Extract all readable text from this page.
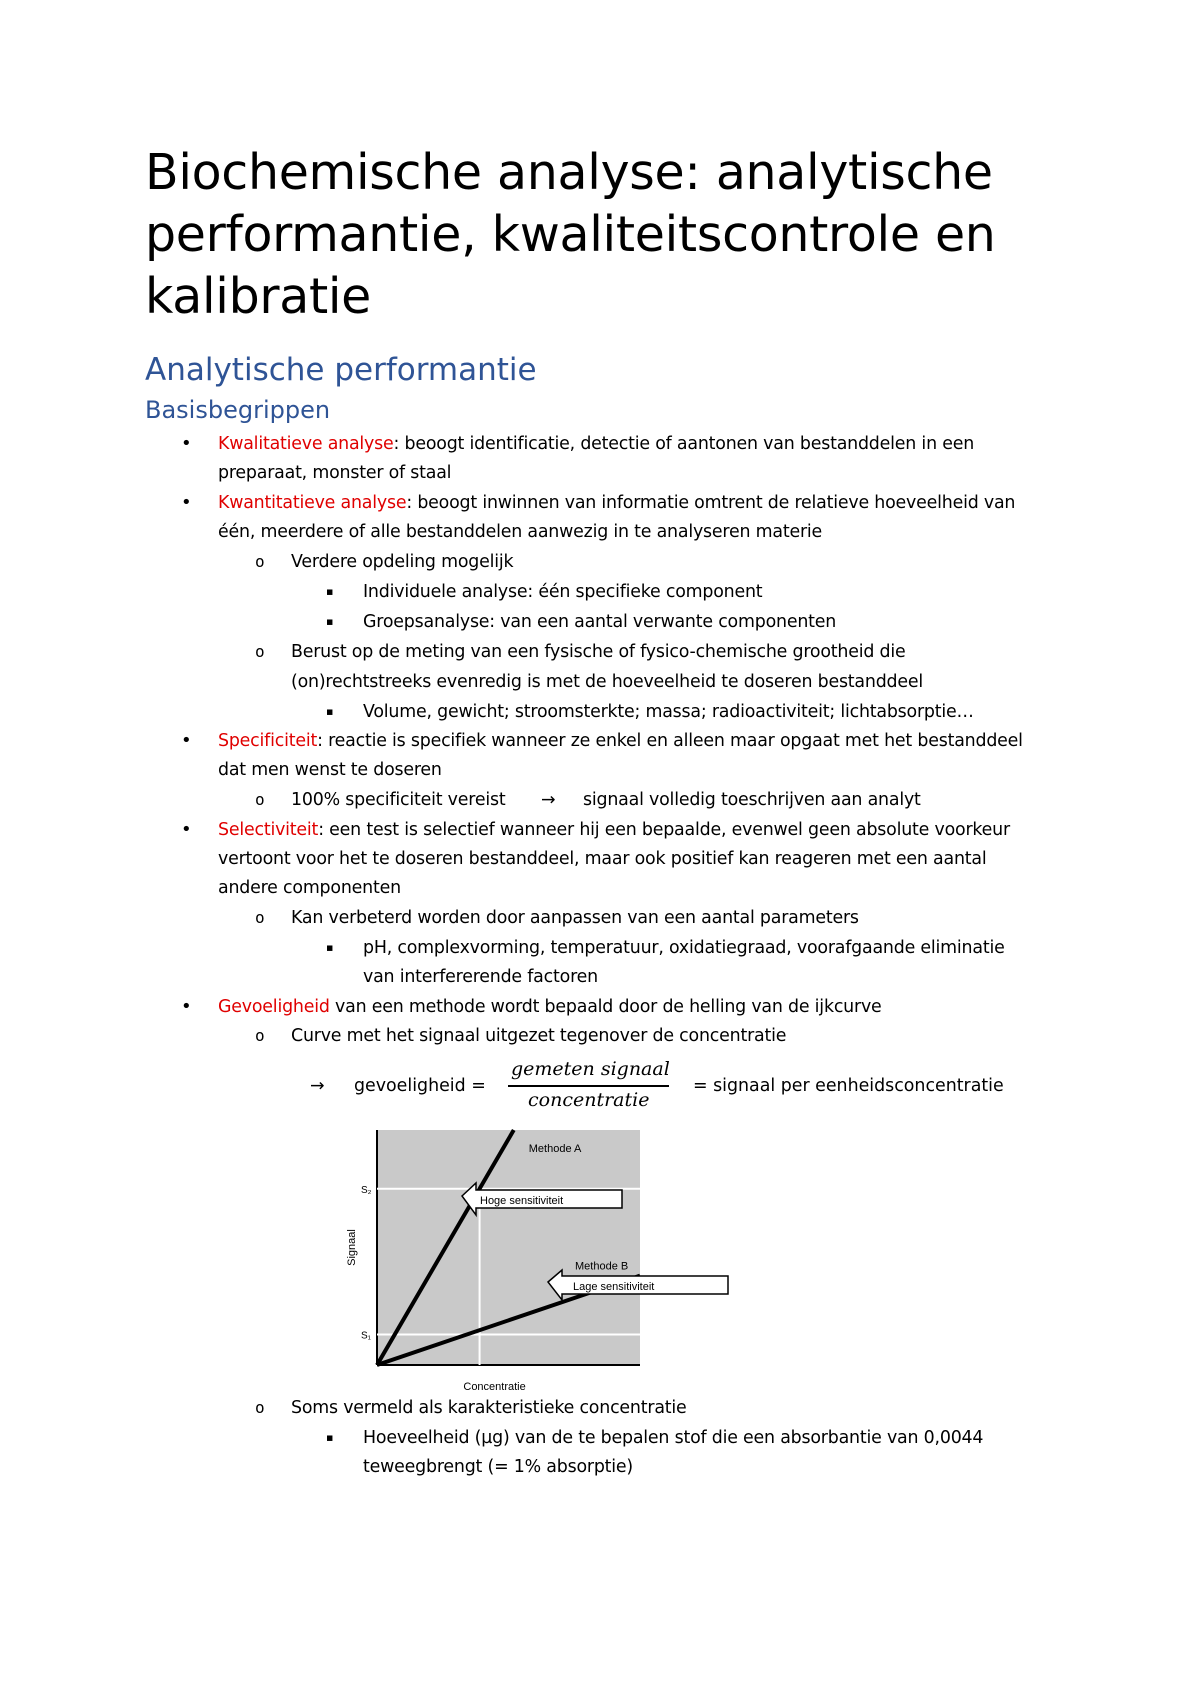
Biochemische analyse: analytische performantie, kwaliteitscontrole en kalibratie
Analytische performantie
Basisbegrippen
• Kwalitatieve analyse: beoogt identificatie, detectie of aantonen van bestanddelen in een
preparaat, monster of staal
• Kwantitatieve analyse: beoogt inwinnen van informatie omtrent de relatieve hoeveelheid van
één, meerdere of alle bestanddelen aanwezig in te analyseren materie
o Verdere opdeling mogelijk
▪ Individuele analyse: één specifieke component
▪ Groepsanalyse: van een aantal verwante componenten
o Berust op de meting van een fysische of fysico-chemische grootheid die
(on)rechtstreeks evenredig is met de hoeveelheid te doseren bestanddeel
▪ Volume, gewicht; stroomsterkte; massa; radioactiviteit; lichtabsorptie…
• Specificiteit: reactie is specifiek wanneer ze enkel en alleen maar opgaat met het bestanddeel
dat men wenst te doseren
o 100% specificiteit vereist → signaal volledig toeschrijven aan analyt
• Selectiviteit: een test is selectief wanneer hij een bepaalde, evenwel geen absolute voorkeur
vertoont voor het te doseren bestanddeel, maar ook positief kan reageren met een aantal
andere componenten
o Kan verbeterd worden door aanpassen van een aantal parameters
▪ pH, complexvorming, temperatuur, oxidatiegraad, voorafgaande eliminatie
van interfererende factoren
• Gevoeligheid van een methode wordt bepaald door de helling van de ijkcurve
o Curve met het signaal uitgezet tegenover de concentratie
→ gevoeligheid =
gemeten signaal
concentratie
= signaal per eenheidsconcentratie
Methode A
Methode B
S₂
S₁
Signaal
Concentratie
Hoge sensitiviteit
Lage sensitiviteit
o Soms vermeld als karakteristieke concentratie
▪ Hoeveelheid (µg) van de te bepalen stof die een absorbantie van 0,0044
teweegbrengt (= 1% absorptie)
